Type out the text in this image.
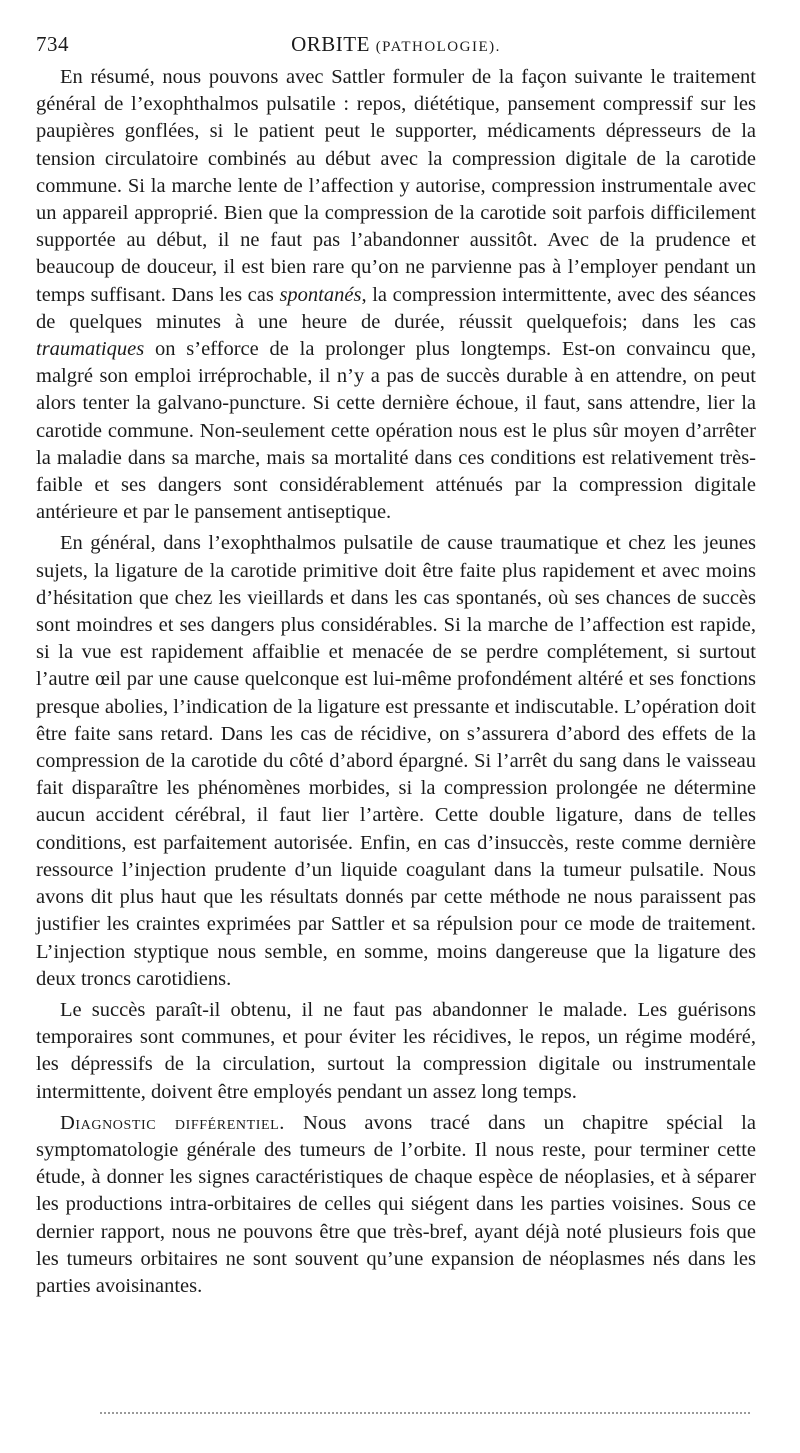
734	ORBITE (PATHOLOGIE).

En résumé, nous pouvons avec Sattler formuler de la façon suivante le traitement général de l’exophthalmos pulsatile : repos, diététique, pansement compressif sur les paupières gonflées, si le patient peut le supporter, médicaments dépresseurs de la tension circulatoire combinés au début avec la compression digitale de la carotide commune. Si la marche lente de l’affection y autorise, compression instrumentale avec un appareil approprié. Bien que la compression de la carotide soit parfois difficilement supportée au début, il ne faut pas l’abandonner aussitôt. Avec de la prudence et beaucoup de douceur, il est bien rare qu’on ne parvienne pas à l’employer pendant un temps suffisant. Dans les cas spontanés, la compression intermittente, avec des séances de quelques minutes à une heure de durée, réussit quelquefois; dans les cas traumatiques on s’efforce de la prolonger plus longtemps. Est-on convaincu que, malgré son emploi irréprochable, il n’y a pas de succès durable à en attendre, on peut alors tenter la galvano-puncture. Si cette dernière échoue, il faut, sans attendre, lier la carotide commune. Non-seulement cette opération nous est le plus sûr moyen d’arrêter la maladie dans sa marche, mais sa mortalité dans ces conditions est relativement très-faible et ses dangers sont considérablement atténués par la compression digitale antérieure et par le pansement antiseptique.

En général, dans l’exophthalmos pulsatile de cause traumatique et chez les jeunes sujets, la ligature de la carotide primitive doit être faite plus rapidement et avec moins d’hésitation que chez les vieillards et dans les cas spontanés, où ses chances de succès sont moindres et ses dangers plus considérables. Si la marche de l’affection est rapide, si la vue est rapidement affaiblie et menacée de se perdre complétement, si surtout l’autre œil par une cause quelconque est lui-même profondément altéré et ses fonctions presque abolies, l’indication de la ligature est pressante et indiscutable. L’opération doit être faite sans retard. Dans les cas de récidive, on s’assurera d’abord des effets de la compression de la carotide du côté d’abord épargné. Si l’arrêt du sang dans le vaisseau fait disparaître les phénomènes morbides, si la compression prolongée ne détermine aucun accident cérébral, il faut lier l’artère. Cette double ligature, dans de telles conditions, est parfaitement autorisée. Enfin, en cas d’insuccès, reste comme dernière ressource l’injection prudente d’un liquide coagulant dans la tumeur pulsatile. Nous avons dit plus haut que les résultats donnés par cette méthode ne nous paraissent pas justifier les craintes exprimées par Sattler et sa répulsion pour ce mode de traitement. L’injection styptique nous semble, en somme, moins dangereuse que la ligature des deux troncs carotidiens.

Le succès paraît-il obtenu, il ne faut pas abandonner le malade. Les guérisons temporaires sont communes, et pour éviter les récidives, le repos, un régime modéré, les dépressifs de la circulation, surtout la compression digitale ou instrumentale intermittente, doivent être employés pendant un assez long temps.

Diagnostic différentiel. Nous avons tracé dans un chapitre spécial la symptomatologie générale des tumeurs de l’orbite. Il nous reste, pour terminer cette étude, à donner les signes caractéristiques de chaque espèce de néoplasies, et à séparer les productions intra-orbitaires de celles qui siégent dans les parties voisines. Sous ce dernier rapport, nous ne pouvons être que très-bref, ayant déjà noté plusieurs fois que les tumeurs orbitaires ne sont souvent qu’une expansion de néoplasmes nés dans les parties avoisinantes.
